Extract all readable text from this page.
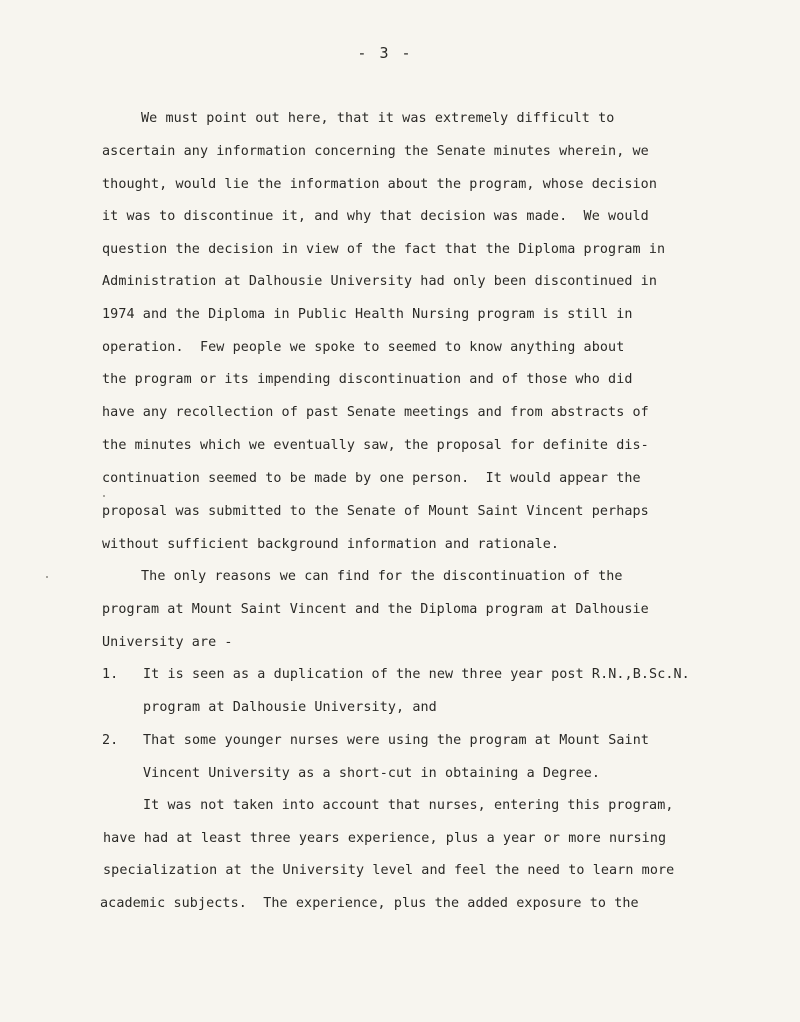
- 3 -
We must point out here, that it was extremely difficult to
ascertain any information concerning the Senate minutes wherein, we
thought, would lie the information about the program, whose decision
it was to discontinue it, and why that decision was made.  We would
question the decision in view of the fact that the Diploma program in
Administration at Dalhousie University had only been discontinued in
1974 and the Diploma in Public Health Nursing program is still in
operation.  Few people we spoke to seemed to know anything about
the program or its impending discontinuation and of those who did
have any recollection of past Senate meetings and from abstracts of
the minutes which we eventually saw, the proposal for definite dis-
continuation seemed to be made by one person.  It would appear the
proposal was submitted to the Senate of Mount Saint Vincent perhaps
without sufficient background information and rationale.
The only reasons we can find for the discontinuation of the
program at Mount Saint Vincent and the Diploma program at Dalhousie
University are -
1. It is seen as a duplication of the new three year post R.N.,B.Sc.N.
program at Dalhousie University, and
2. That some younger nurses were using the program at Mount Saint
Vincent University as a short-cut in obtaining a Degree.
It was not taken into account that nurses, entering this program,
have had at least three years experience, plus a year or more nursing
specialization at the University level and feel the need to learn more
academic subjects.  The experience, plus the added exposure to the
